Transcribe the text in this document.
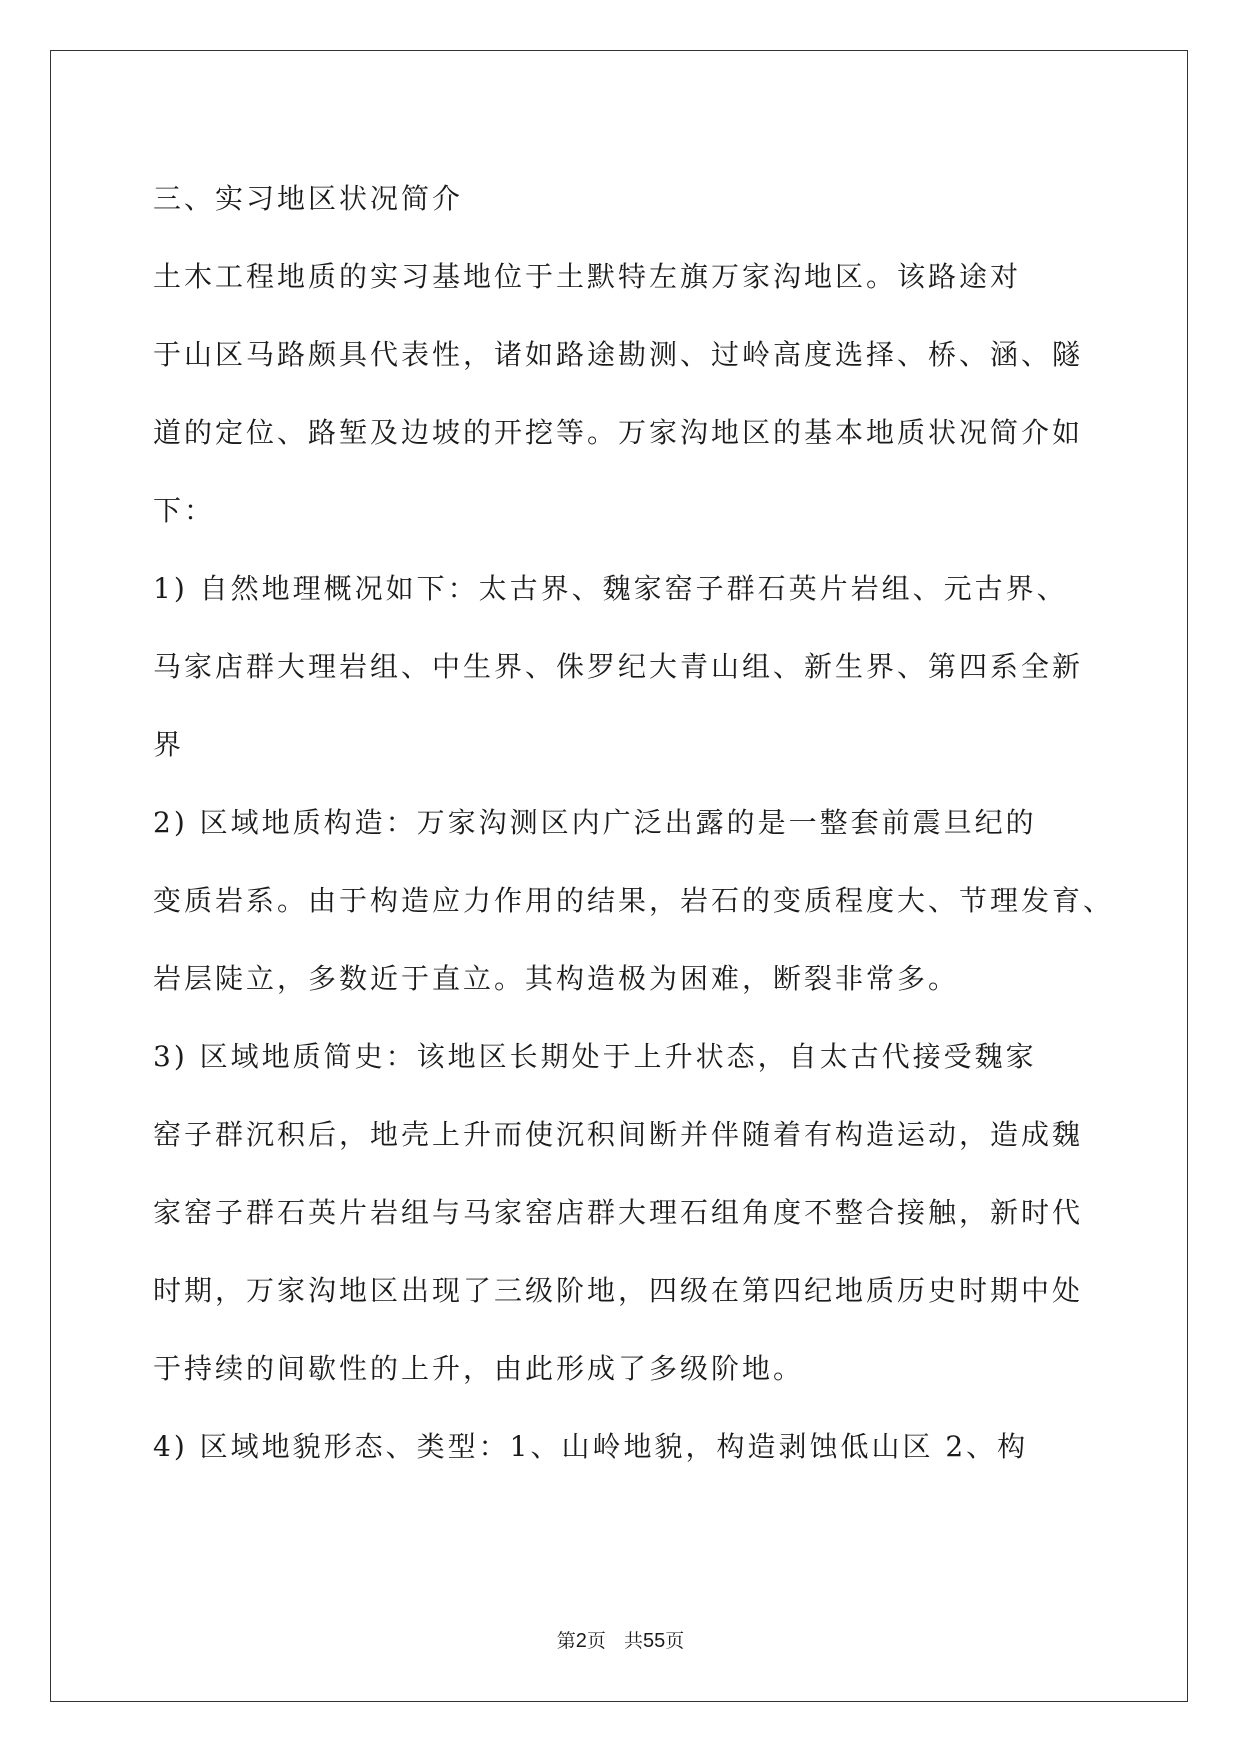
三、实习地区状况简介
土木工程地质的实习基地位于土默特左旗万家沟地区。该路途对
于山区马路颇具代表性，诸如路途勘测、过岭高度选择、桥、涵、隧
道的定位、路堑及边坡的开挖等。万家沟地区的基本地质状况简介如
下：
1) 自然地理概况如下：太古界、魏家窑子群石英片岩组、元古界、
马家店群大理岩组、中生界、侏罗纪大青山组、新生界、第四系全新
界
2) 区域地质构造：万家沟测区内广泛出露的是一整套前震旦纪的
变质岩系。由于构造应力作用的结果，岩石的变质程度大、节理发育、
岩层陡立，多数近于直立。其构造极为困难，断裂非常多。
3) 区域地质简史：该地区长期处于上升状态，自太古代接受魏家
窑子群沉积后，地壳上升而使沉积间断并伴随着有构造运动，造成魏
家窑子群石英片岩组与马家窑店群大理石组角度不整合接触，新时代
时期，万家沟地区出现了三级阶地，四级在第四纪地质历史时期中处
于持续的间歇性的上升，由此形成了多级阶地。
4) 区域地貌形态、类型：1、山岭地貌，构造剥蚀低山区 2、构
第2页 共55页
